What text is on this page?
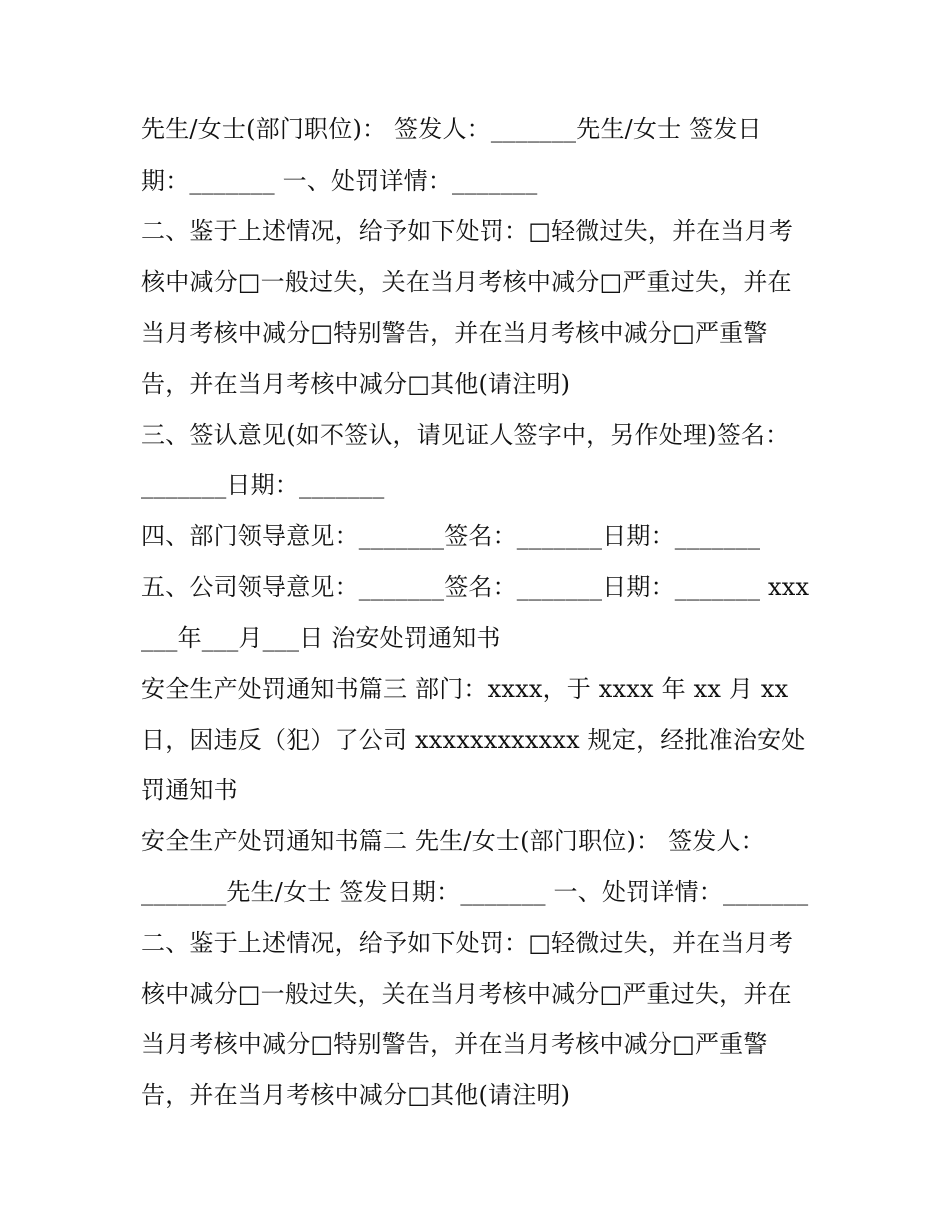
先生/女士(部门职位)： 签发人：_______先生/女士 签发日
期：_______ 一、处罚详情：_______
二、鉴于上述情况，给予如下处罚：□轻微过失，并在当月考
核中减分□一般过失，关在当月考核中减分□严重过失，并在
当月考核中减分□特别警告，并在当月考核中减分□严重警
告，并在当月考核中减分□其他(请注明)
三、签认意见(如不签认，请见证人签字中，另作处理)签名：
_______日期：_______
四、部门领导意见：_______签名：_______日期：_______
五、公司领导意见：_______签名：_______日期：_______ xxx
___年___月___日 治安处罚通知书
安全生产处罚通知书篇三 部门：xxxx，于 xxxx 年 xx 月 xx
日，因违反（犯）了公司 xxxxxxxxxxxx 规定，经批准治安处
罚通知书
安全生产处罚通知书篇二 先生/女士(部门职位)： 签发人：
_______先生/女士 签发日期：_______ 一、处罚详情：_______
二、鉴于上述情况，给予如下处罚：□轻微过失，并在当月考
核中减分□一般过失，关在当月考核中减分□严重过失，并在
当月考核中减分□特别警告，并在当月考核中减分□严重警
告，并在当月考核中减分□其他(请注明)
